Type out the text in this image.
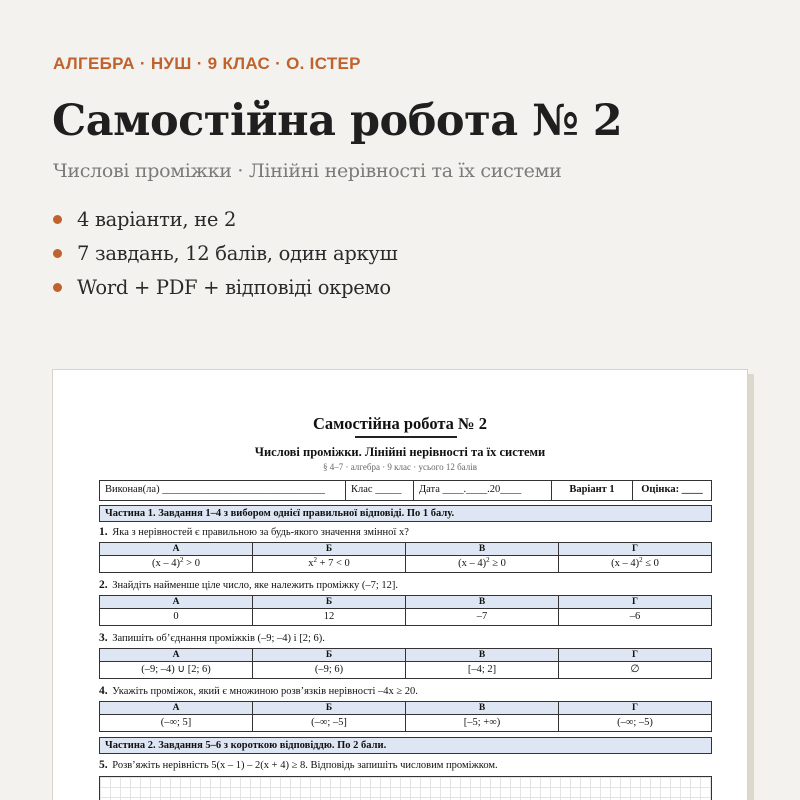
АЛГЕБРА · НУШ · 9 КЛАС · О. ІСТЕР
Самостійна робота № 2
Числові проміжки · Лінійні нерівності та їх системи
4 варіанти, не 2
7 завдань, 12 балів, один аркуш
Word + PDF + відповіді окремо
Самостійна робота № 2
Числові проміжки. Лінійні нерівності та їх системи
§ 4–7 · алгебра · 9 клас · усього 12 балів
Виконав(ла) _______________________________	Клас _____	Дата ____.____.20____	Варіант 1	Оцінка: ____
Частина 1. Завдання 1–4 з вибором однієї правильної відповіді. По 1 балу.
1. Яка з нерівностей є правильною за будь-якого значення змінної x?
А	Б	В	Г
(x – 4)$^2$ > 0	$x^2 + 7 < 0$	(x – 4)$^2$ ≥ 0	(x – 4)$^2$ ≤ 0
2. Знайдіть найменше ціле число, яке належить проміжку (–7; 12].
А	Б	В	Г
0	12	–7	–6
3. Запишіть об’єднання проміжків (–9; –4) і [2; 6).
А	Б	В	Г
(–9; –4) ∪ [2; 6)	(–9; 6)	[–4; 2]	∅
4. Укажіть проміжок, який є множиною розв’язків нерівності –4x ≥ 20.
А	Б	В	Г
(–∞; 5]	(–∞; –5]	[–5; +∞)	(–∞; –5)
Частина 2. Завдання 5–6 з короткою відповіддю. По 2 бали.
5. Розв’яжіть нерівність 5(x – 1) – 2(x + 4) ≥ 8. Відповідь запишіть числовим проміжком.
